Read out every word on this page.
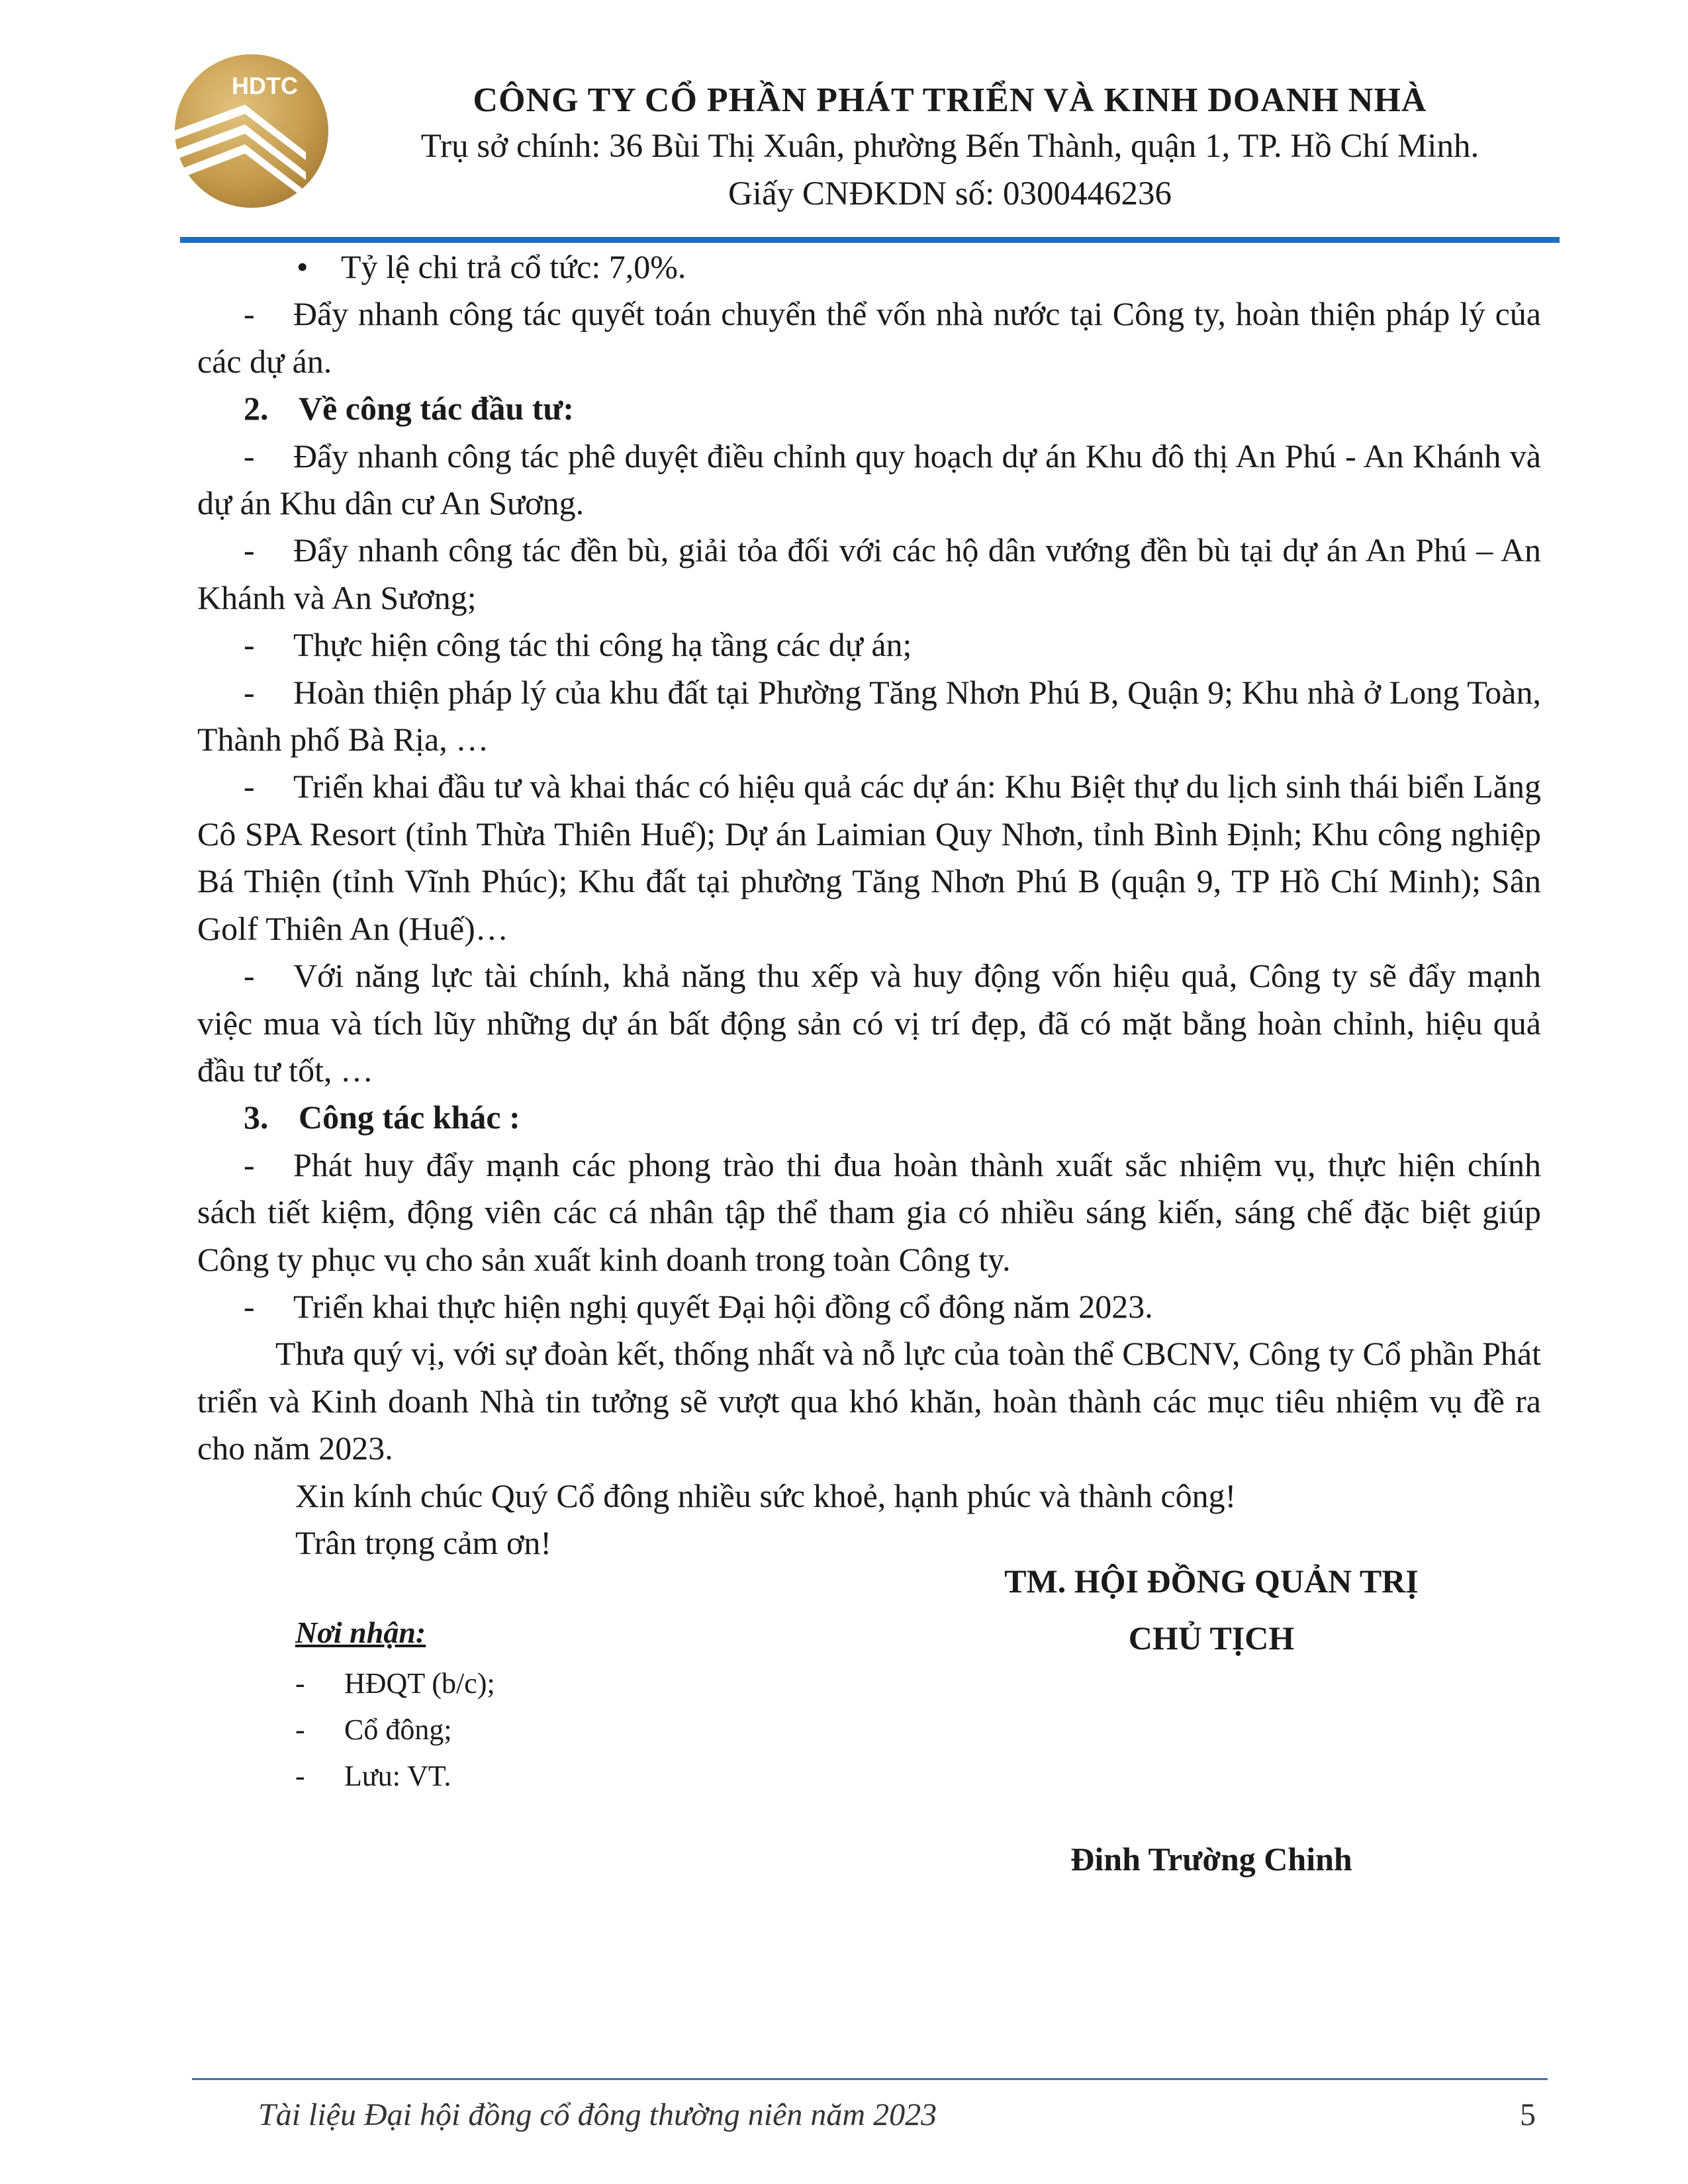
HDTC	CÔNG TY CỔ PHẦN PHÁT TRIỂN VÀ KINH DOANH NHÀ
Trụ sở chính: 36 Bùi Thị Xuân, phường Bến Thành, quận 1, TP. Hồ Chí Minh.
Giấy CNĐKDN số: 0300446236

• Tỷ lệ chi trả cổ tức: 7,0%.

- Đẩy nhanh công tác quyết toán chuyển thể vốn nhà nước tại Công ty, hoàn thiện pháp lý của các dự án.

2. Về công tác đầu tư:

- Đẩy nhanh công tác phê duyệt điều chỉnh quy hoạch dự án Khu đô thị An Phú - An Khánh và dự án Khu dân cư An Sương.

- Đẩy nhanh công tác đền bù, giải tỏa đối với các hộ dân vướng đền bù tại dự án An Phú – An Khánh và An Sương;

- Thực hiện công tác thi công hạ tầng các dự án;

- Hoàn thiện pháp lý của khu đất tại Phường Tăng Nhơn Phú B, Quận 9; Khu nhà ở Long Toàn, Thành phố Bà Rịa, …

- Triển khai đầu tư và khai thác có hiệu quả các dự án: Khu Biệt thự du lịch sinh thái biển Lăng Cô SPA Resort (tỉnh Thừa Thiên Huế); Dự án Laimian Quy Nhơn, tỉnh Bình Định; Khu công nghiệp Bá Thiện (tỉnh Vĩnh Phúc); Khu đất tại phường Tăng Nhơn Phú B (quận 9, TP Hồ Chí Minh); Sân Golf Thiên An (Huế)…

- Với năng lực tài chính, khả năng thu xếp và huy động vốn hiệu quả, Công ty sẽ đẩy mạnh việc mua và tích lũy những dự án bất động sản có vị trí đẹp, đã có mặt bằng hoàn chỉnh, hiệu quả đầu tư tốt, …

3. Công tác khác :

- Phát huy đẩy mạnh các phong trào thi đua hoàn thành xuất sắc nhiệm vụ, thực hiện chính sách tiết kiệm, động viên các cá nhân tập thể tham gia có nhiều sáng kiến, sáng chế đặc biệt giúp Công ty phục vụ cho sản xuất kinh doanh trong toàn Công ty.

- Triển khai thực hiện nghị quyết Đại hội đồng cổ đông năm 2023.

Thưa quý vị, với sự đoàn kết, thống nhất và nỗ lực của toàn thể CBCNV, Công ty Cổ phần Phát triển và Kinh doanh Nhà tin tưởng sẽ vượt qua khó khăn, hoàn thành các mục tiêu nhiệm vụ đề ra cho năm 2023.

Xin kính chúc Quý Cổ đông nhiều sức khoẻ, hạnh phúc và thành công!

Trân trọng cảm ơn!

TM. HỘI ĐỒNG QUẢN TRỊ
CHỦ TỊCH
Nơi nhận:
- HĐQT (b/c);
- Cổ đông;
- Lưu: VT.
Đinh Trường Chinh
Tài liệu Đại hội đồng cổ đông thường niên năm 2023	5
